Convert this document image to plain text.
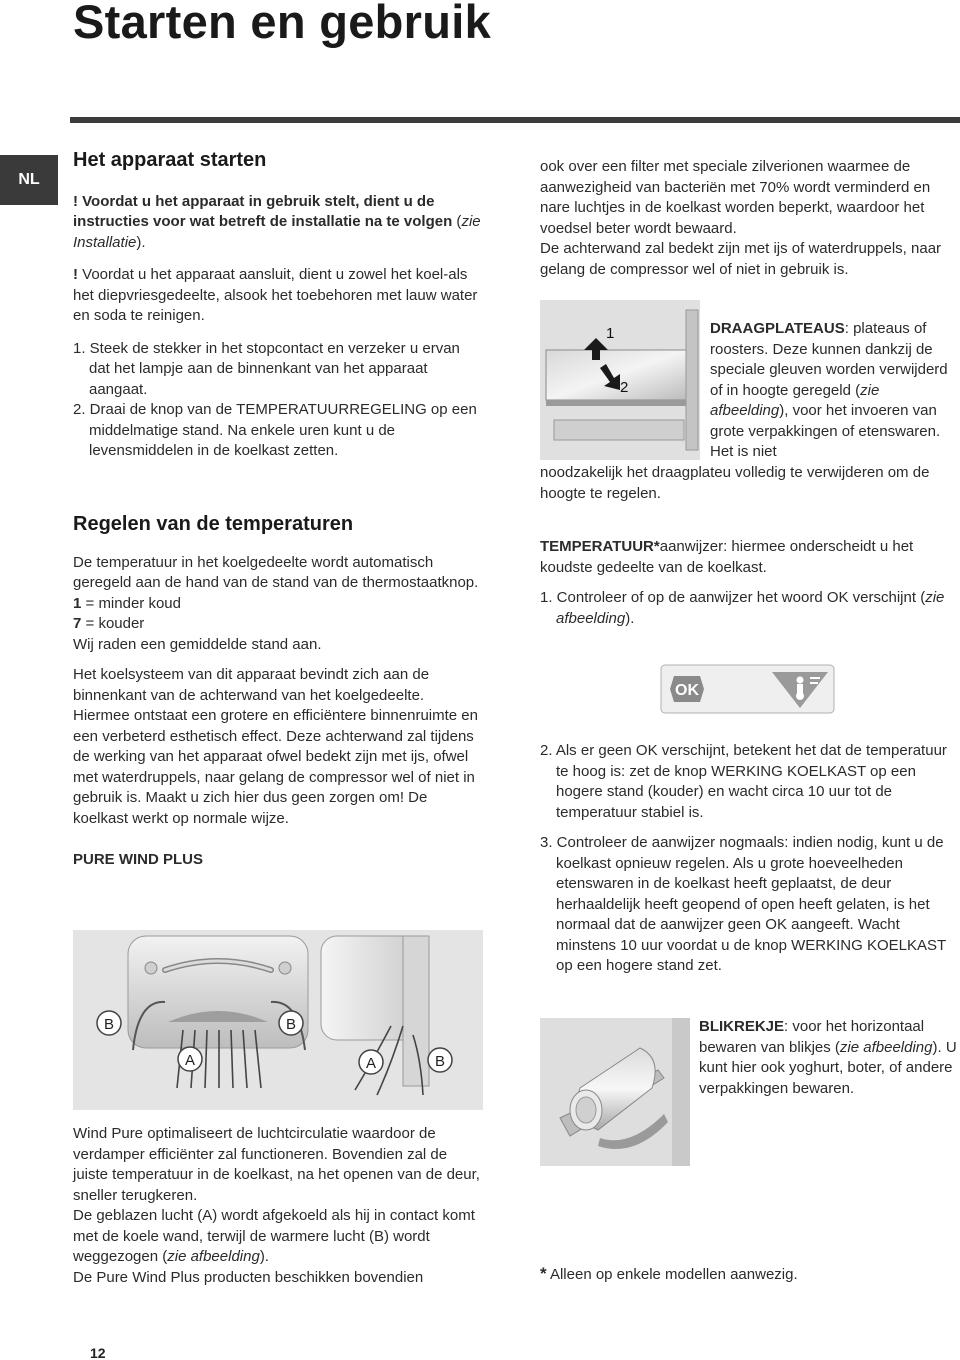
Starten en gebruik
NL
Het apparaat starten

! Voordat u het apparaat in gebruik stelt, dient u de instructies voor wat betreft de installatie na te volgen (zie Installatie).

! Voordat u het apparaat aansluit, dient u zowel het koel-als het diepvriesgedeelte, alsook het toebehoren met lauw water en soda te reinigen.

1. Steek de stekker in het stopcontact en verzeker u ervan dat het lampje aan de binnenkant van het apparaat aangaat.

2. Draai de knop van de TEMPERATUURREGELING op een middelmatige stand. Na enkele uren kunt u de levensmiddelen in de koelkast zetten.

Regelen van de temperaturen

De temperatuur in het koelgedeelte wordt automatisch geregeld aan de hand van de stand van de thermostaatknop.

1 = minder koud

7 = kouder

Wij raden een gemiddelde stand aan.

Het koelsysteem van dit apparaat bevindt zich aan de binnenkant van de achterwand van het koelgedeelte. Hiermee ontstaat een grotere en efficiëntere binnenruimte en een verbeterd esthetisch effect. Deze achterwand zal tijdens de werking van het apparaat ofwel bedekt zijn met ijs, ofwel met waterdruppels, naar gelang de compressor wel of niet in gebruik is. Maakt u zich hier dus geen zorgen om! De koelkast werkt op normale wijze.

PURE WIND PLUS

B	B
A	A	B

Wind Pure optimaliseert de luchtcirculatie waardoor de verdamper efficiënter zal functioneren. Bovendien zal de juiste temperatuur in de koelkast, na het openen van de deur, sneller terugkeren.

De geblazen lucht (A) wordt afgekoeld als hij in contact komt met de koele wand, terwijl de warmere lucht (B) wordt weggezogen (zie afbeelding).

De Pure Wind Plus producten beschikken bovendien

ook over een filter met speciale zilverionen waarmee de aanwezigheid van bacteriën met 70% wordt verminderd en nare luchtjes in de koelkast worden beperkt, waardoor het voedsel beter wordt bewaard.

De achterwand zal bedekt zijn met ijs of waterdruppels, naar gelang de compressor wel of niet in gebruik is.

1
2

DRAAGPLATEAUS: plateaus of roosters. Deze kunnen dankzij de speciale gleuven worden verwijderd of in hoogte geregeld (zie afbeelding), voor het invoeren van grote verpakkingen of etenswaren. Het is niet

noodzakelijk het draagplateu volledig te verwijderen om de hoogte te regelen.

TEMPERATUUR*aanwijzer: hiermee onderscheidt u het koudste gedeelte van de koelkast.

1. Controleer of op de aanwijzer het woord OK verschijnt (zie afbeelding).

OK

2. Als er geen OK verschijnt, betekent het dat de temperatuur te hoog is: zet de knop WERKING KOELKAST op een hogere stand (kouder) en wacht circa 10 uur tot de temperatuur stabiel is.

3. Controleer de aanwijzer nogmaals: indien nodig, kunt u de koelkast opnieuw regelen. Als u grote hoeveelheden etenswaren in de koelkast heeft geplaatst, de deur herhaaldelijk heeft geopend of open heeft gelaten, is het normaal dat de aanwijzer geen OK aangeeft. Wacht minstens 10 uur voordat u de knop WERKING KOELKAST op een hogere stand zet.

BLIKREKJE: voor het horizontaal bewaren van blikjes (zie afbeelding). U kunt hier ook yoghurt, boter, of andere verpakkingen bewaren.

* Alleen op enkele modellen aanwezig.

12
